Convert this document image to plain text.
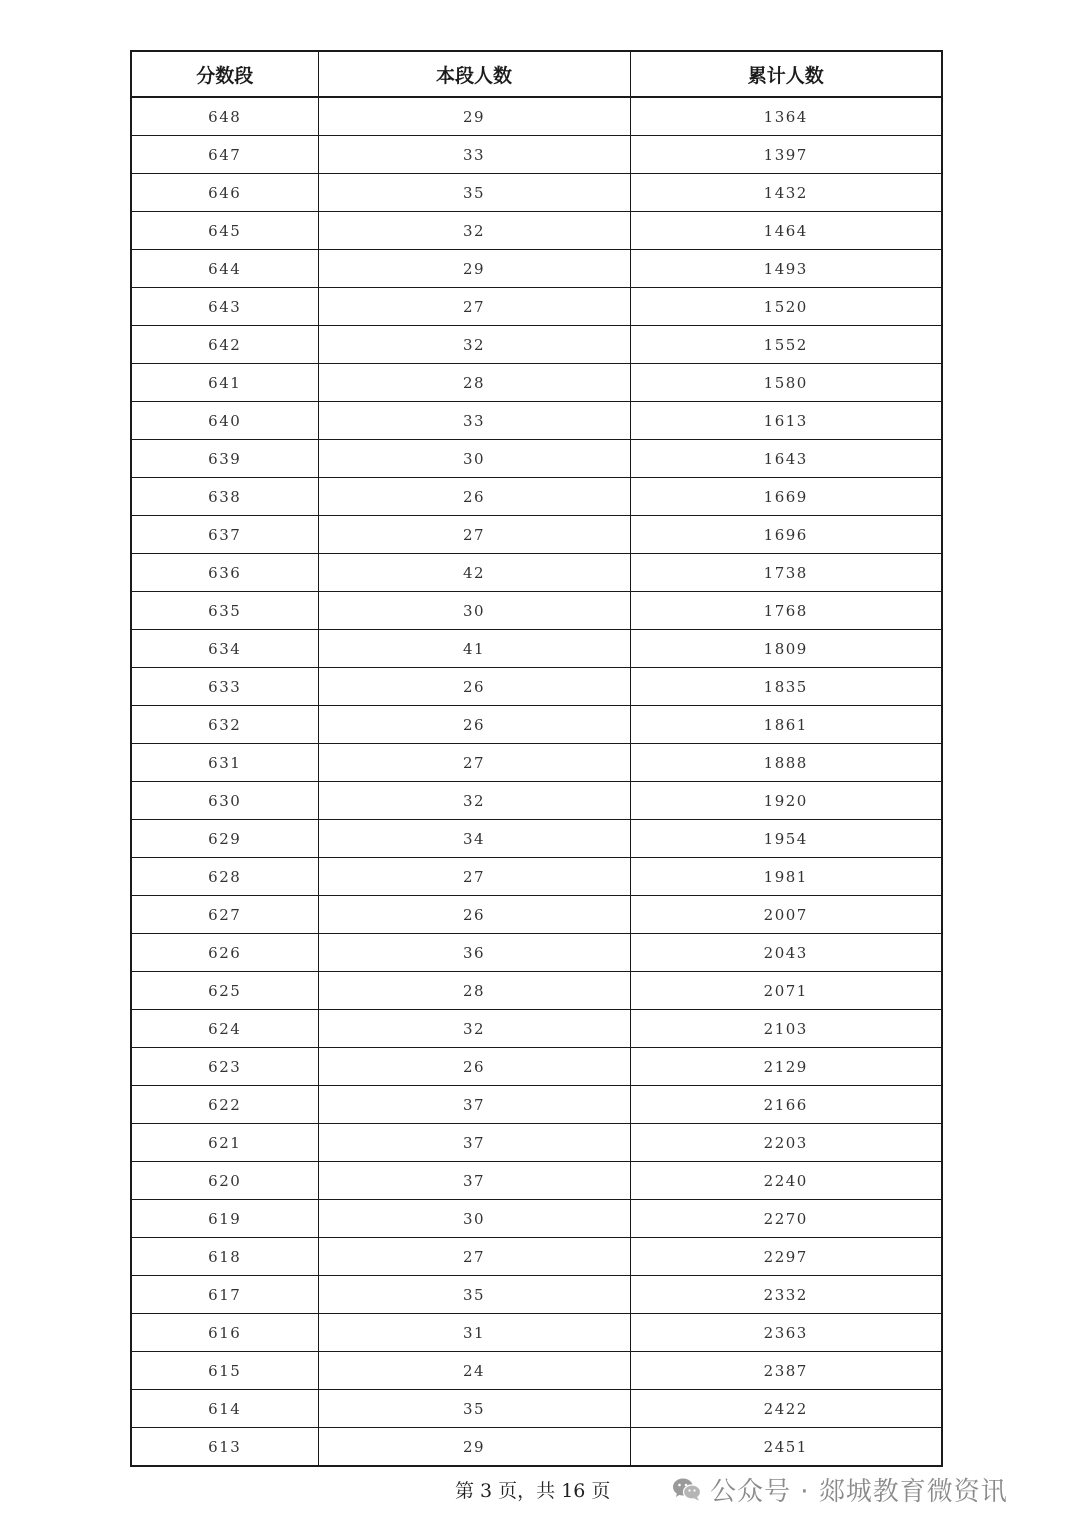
分数段	本段人数	累计人数
648	29	1364
647	33	1397
646	35	1432
645	32	1464
644	29	1493
643	27	1520
642	32	1552
641	28	1580
640	33	1613
639	30	1643
638	26	1669
637	27	1696
636	42	1738
635	30	1768
634	41	1809
633	26	1835
632	26	1861
631	27	1888
630	32	1920
629	34	1954
628	27	1981
627	26	2007
626	36	2043
625	28	2071
624	32	2103
623	26	2129
622	37	2166
621	37	2203
620	37	2240
619	30	2270
618	27	2297
617	35	2332
616	31	2363
615	24	2387
614	35	2422
613	29	2451
第 3 页，共 16 页	公众号 · 郯城教育微资讯
